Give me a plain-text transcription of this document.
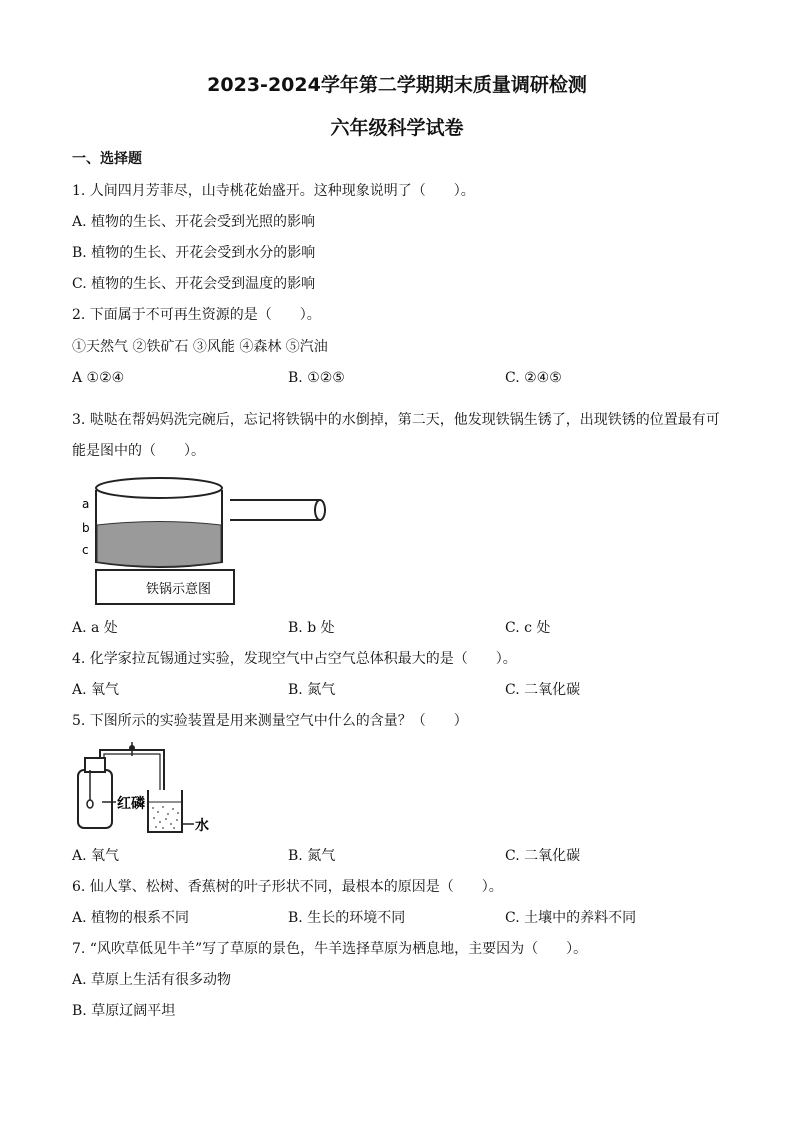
2023-2024学年第二学期期末质量调研检测
六年级科学试卷
一、选择题
1. 人间四月芳菲尽，山寺桃花始盛开。这种现象说明了（　　）。
A. 植物的生长、开花会受到光照的影响
B. 植物的生长、开花会受到水分的影响
C. 植物的生长、开花会受到温度的影响
2. 下面属于不可再生资源的是（　　）。
①天然气 ②铁矿石 ③风能 ④森林 ⑤汽油
A ①②④	B. ①②⑤	C. ②④⑤
3. 哒哒在帮妈妈洗完碗后，忘记将铁锅中的水倒掉，第二天，他发现铁锅生锈了，出现铁锈的位置最有可
能是图中的（　　）。
a
b
c
铁锅示意图
A. a 处	B. b 处	C. c 处
4. 化学家拉瓦锡通过实验，发现空气中占空气总体积最大的是（　　）。
A. 氧气	B. 氮气	C. 二氧化碳
5. 下图所示的实验装置是用来测量空气中什么的含量？（　　）
红磷
水
A. 氧气	B. 氮气	C. 二氧化碳
6. 仙人掌、松树、香蕉树的叶子形状不同，最根本的原因是（　　）。
A. 植物的根系不同	B. 生长的环境不同	C. 土壤中的养料不同
7. “风吹草低见牛羊”写了草原的景色，牛羊选择草原为栖息地，主要因为（　　）。
A. 草原上生活有很多动物
B. 草原辽阔平坦
